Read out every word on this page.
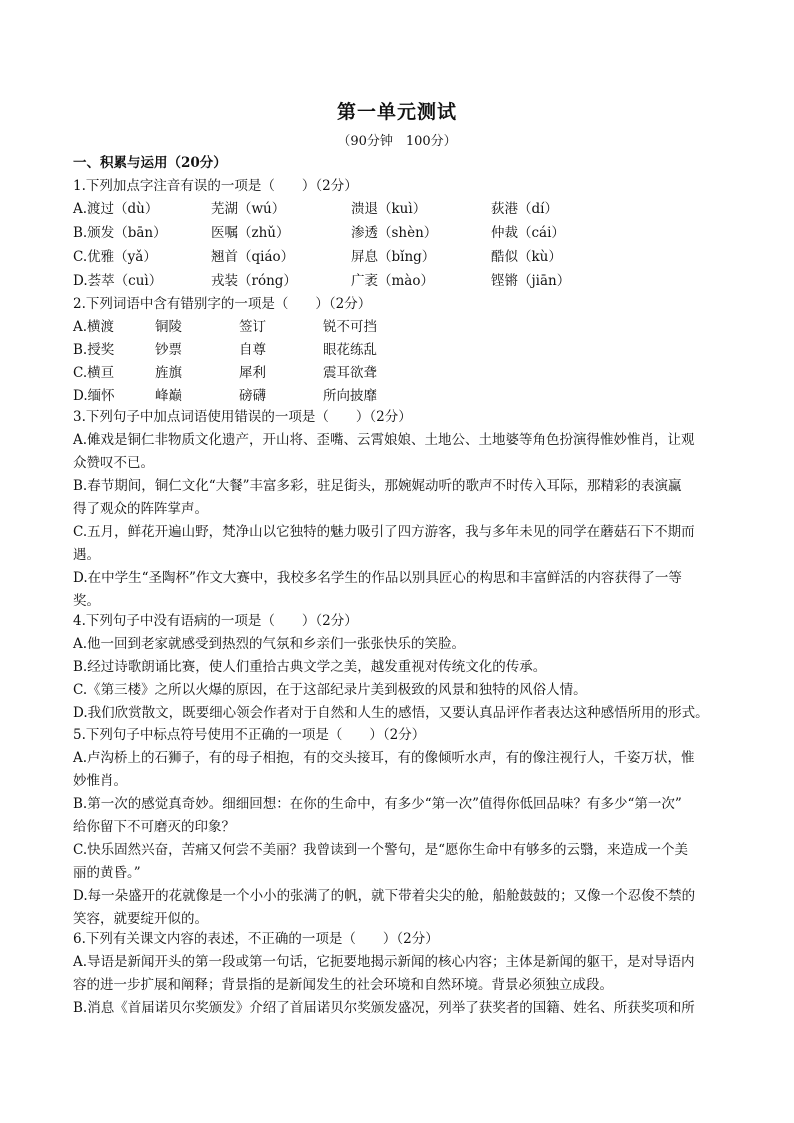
第一单元测试
（90分钟　100分）
一、积累与运用（20分）
1.下列加点字注音有误的一项是（　　）（2分）
A.渡过（dù）	芜湖（wú）	溃退（kuì）	荻港（dí）
B.颁发（bān）	医嘱（zhǔ）	渗透（shèn）	仲裁（cái）
C.优雅（yǎ）	翘首（qiáo）	屏息（bǐng）	酷似（kù）
D.荟萃（cuì）	戎装（róng）	广袤（mào）	铿锵（jiān）
2.下列词语中含有错别字的一项是（　　）（2分）
A.横渡	铜陵	签订	锐不可挡
B.授奖	钞票	自尊	眼花练乱
C.横亘	旌旗	犀利	震耳欲聋
D.缅怀	峰巅	磅礴	所向披靡
3.下列句子中加点词语使用错误的一项是（　　）（2分）
A.傩戏是铜仁非物质文化遗产，开山将、歪嘴、云霄娘娘、土地公、土地婆等角色扮演得惟妙惟肖，让观
众赞叹不已。
B.春节期间，铜仁文化“大餐”丰富多彩，驻足街头，那婉娓动听的歌声不时传入耳际，那精彩的表演赢
得了观众的阵阵掌声。
C.五月，鲜花开遍山野，梵净山以它独特的魅力吸引了四方游客，我与多年未见的同学在蘑菇石下不期而
遇。
D.在中学生“圣陶杯”作文大赛中，我校多名学生的作品以别具匠心的构思和丰富鲜活的内容获得了一等
奖。
4.下列句子中没有语病的一项是（　　）（2分）
A.他一回到老家就感受到热烈的气氛和乡亲们一张张快乐的笑脸。
B.经过诗歌朗诵比赛，使人们重拾古典文学之美，越发重视对传统文化的传承。
C.《第三楼》之所以火爆的原因，在于这部纪录片美到极致的风景和独特的风俗人情。
D.我们欣赏散文，既要细心领会作者对于自然和人生的感悟，又要认真品评作者表达这种感悟所用的形式。
5.下列句子中标点符号使用不正确的一项是（　　）（2分）
A.卢沟桥上的石狮子，有的母子相抱，有的交头接耳，有的像倾听水声，有的像注视行人，千姿万状，惟
妙惟肖。
B.第一次的感觉真奇妙。细细回想：在你的生命中，有多少“第一次”值得你低回品味？有多少“第一次”
给你留下不可磨灭的印象？
C.快乐固然兴奋，苦痛又何尝不美丽？我曾读到一个警句，是“愿你生命中有够多的云翳，来造成一个美
丽的黄昏。”
D.每一朵盛开的花就像是一个小小的张满了的帆，就下带着尖尖的舱，船舱鼓鼓的；又像一个忍俊不禁的
笑容，就要绽开似的。
6.下列有关课文内容的表述，不正确的一项是（　　）（2分）
A.导语是新闻开头的第一段或第一句话，它扼要地揭示新闻的核心内容；主体是新闻的躯干，是对导语内
容的进一步扩展和阐释；背景指的是新闻发生的社会环境和自然环境。背景必须独立成段。
B.消息《首届诺贝尔奖颁发》介绍了首届诺贝尔奖颁发盛况，列举了获奖者的国籍、姓名、所获奖项和所
